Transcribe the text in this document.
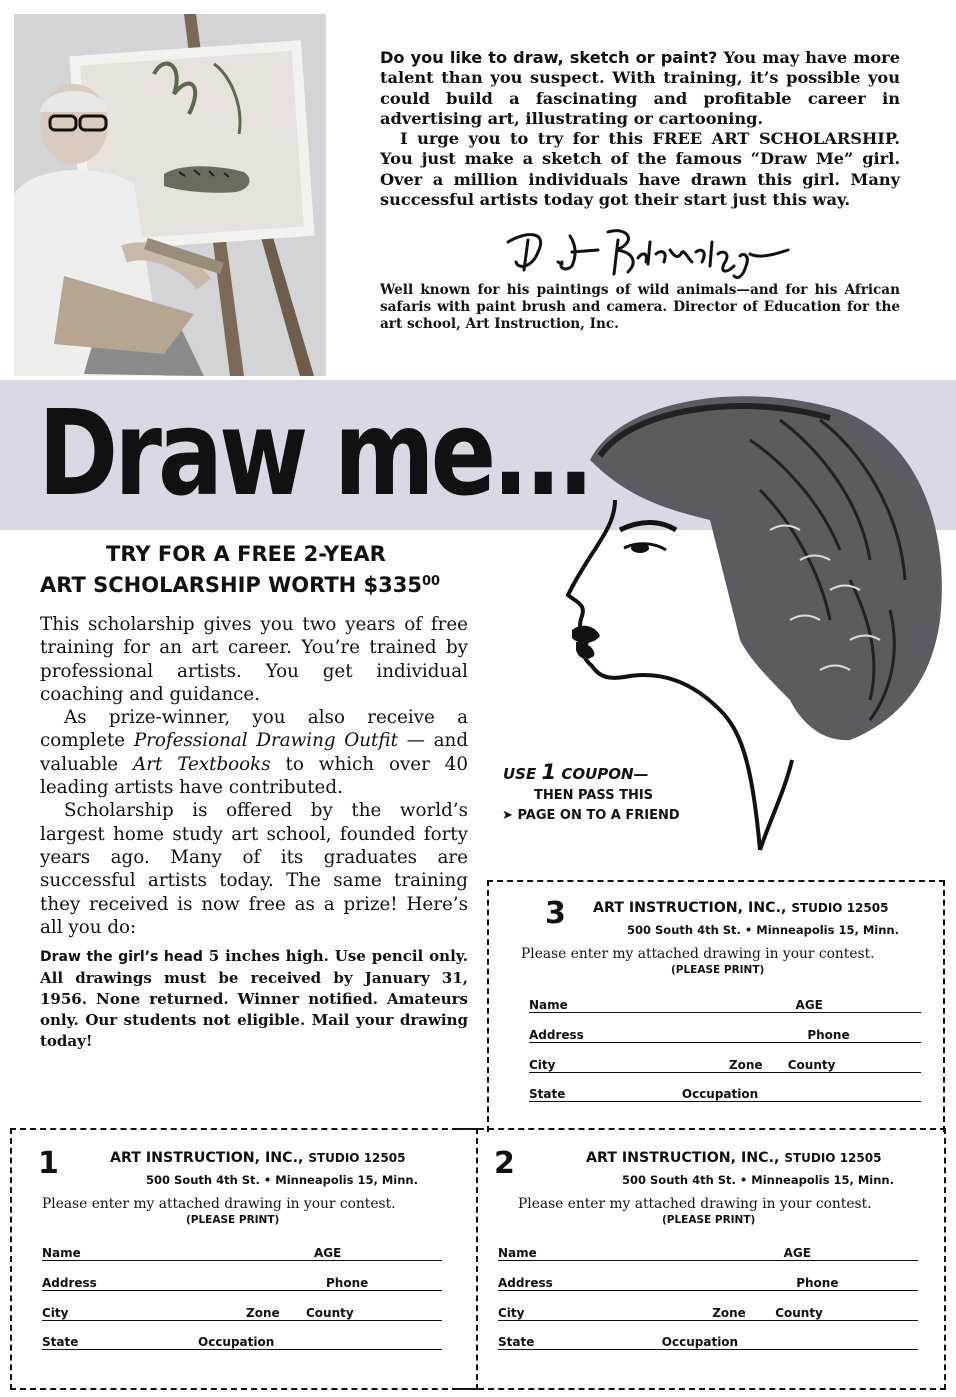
Do you like to draw, sketch or paint? You may have more talent than you suspect. With training, it’s possible you could build a fascinating and profitable career in advertising art, illustrating or cartooning.

I urge you to try for this FREE ART SCHOLARSHIP. You just make a sketch of the famous “Draw Me” girl. Over a million individuals have drawn this girl. Many successful artists today got their start just this way.

Well known for his paintings of wild animals—and for his African safaris with paint brush and camera. Director of Education for the art school, Art Instruction, Inc.
Draw me...
TRY FOR A FREE 2-YEAR
ART SCHOLARSHIP WORTH $\$335^{00}$

This scholarship gives you two years of free training for an art career. You’re trained by professional artists. You get individual coaching and guidance.

As prize-winner, you also receive a complete Professional Drawing Outfit — and valuable Art Textbooks to which over 40 leading artists have contributed.

Scholarship is offered by the world’s largest home study art school, founded forty years ago. Many of its graduates are successful artists today. The same training they received is now free as a prize! Here’s all you do:

Draw the girl’s head 5 inches high. Use pencil only. All drawings must be received by January 31, 1956. None returned. Winner notified. Amateurs only. Our students not eligible. Mail your drawing today!
USE 1 COUPON—
THEN PASS THIS
➤ PAGE ON TO A FRIEND
3 ART INSTRUCTION, INC., STUDIO 12505
500 South 4th St. • Minneapolis 15, Minn.
Please enter my attached drawing in your contest.
(PLEASE PRINT)
Name	AGE
Address	Phone
City	Zone County
State	Occupation
1	ART INSTRUCTION, INC., STUDIO 12505
500 South 4th St. • Minneapolis 15, Minn.
Please enter my attached drawing in your contest.
(PLEASE PRINT)
Name	AGE
Address	Phone
City	Zone County
State	Occupation
2	ART INSTRUCTION, INC., STUDIO 12505
500 South 4th St. • Minneapolis 15, Minn.
Please enter my attached drawing in your contest.
(PLEASE PRINT)
Name	AGE
Address	Phone
City	Zone County
State	Occupation
